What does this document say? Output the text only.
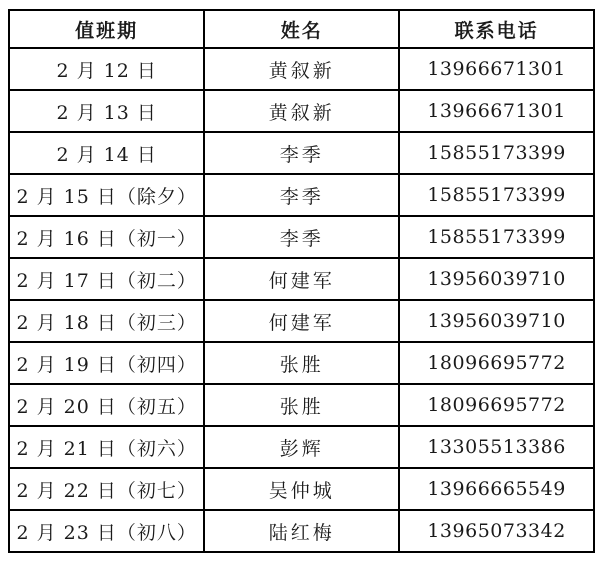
值班期	姓名	联系电话
2 月 12 日	黄叙新	13966671301
2 月 13 日	黄叙新	13966671301
2 月 14 日	李季	15855173399
2 月 15 日（除夕）	李季	15855173399
2 月 16 日（初一）	李季	15855173399
2 月 17 日（初二）	何建军	13956039710
2 月 18 日（初三）	何建军	13956039710
2 月 19 日（初四）	张胜	18096695772
2 月 20 日（初五）	张胜	18096695772
2 月 21 日（初六）	彭辉	13305513386
2 月 22 日（初七）	吴仲城	13966665549
2 月 23 日（初八）	陆红梅	13965073342
